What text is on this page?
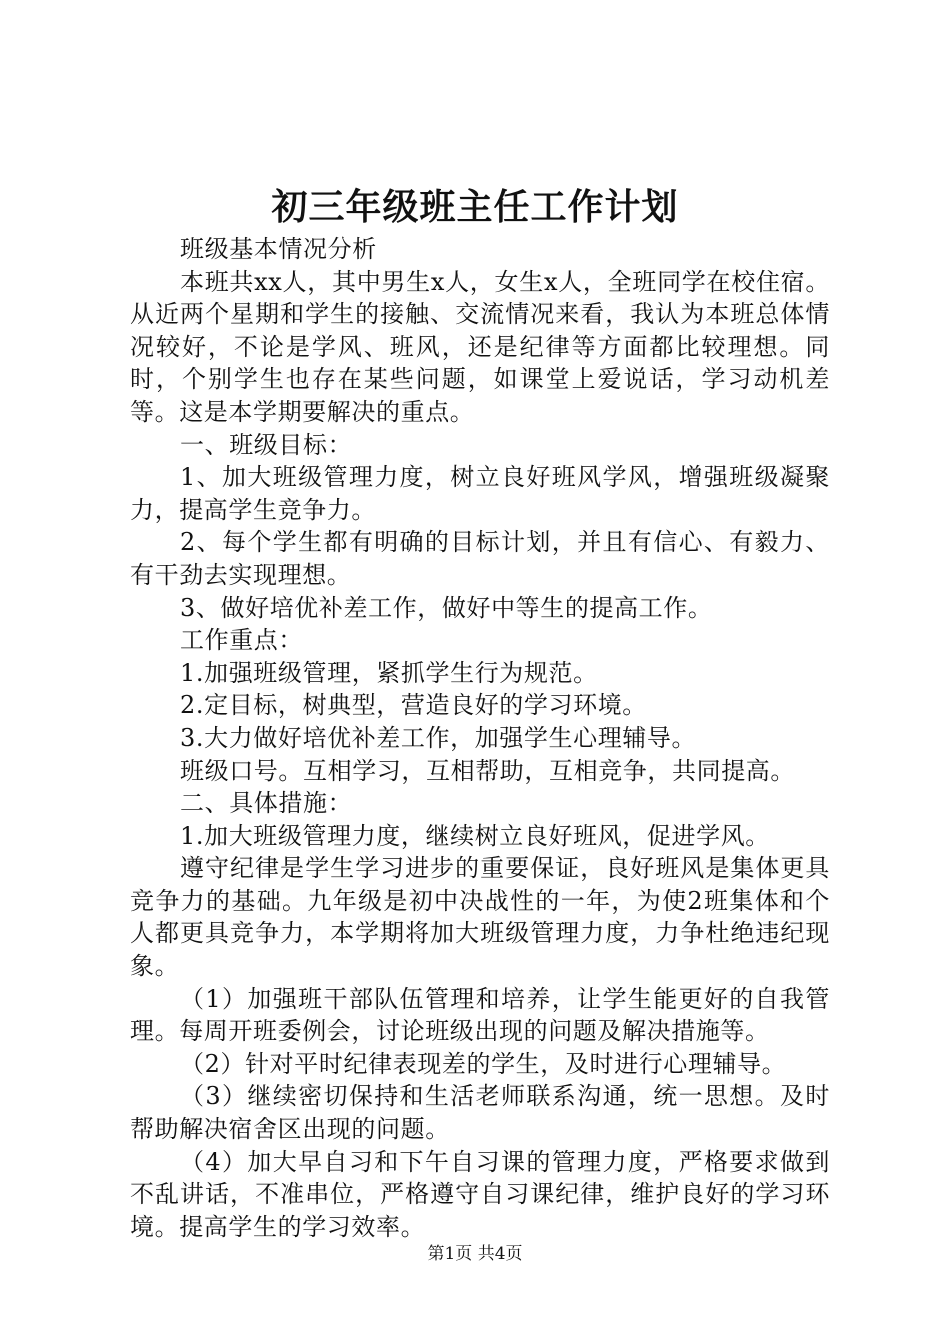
初三年级班主任工作计划

班级基本情况分析

本班共xx人，其中男生x人，女生x人，全班同学在校住宿。从近两个星期和学生的接触、交流情况来看，我认为本班总体情况较好，不论是学风、班风，还是纪律等方面都比较理想。同时，个别学生也存在某些问题，如课堂上爱说话，学习动机差等。这是本学期要解决的重点。

一、班级目标：

1、加大班级管理力度，树立良好班风学风，增强班级凝聚力，提高学生竞争力。

2、每个学生都有明确的目标计划，并且有信心、有毅力、有干劲去实现理想。

3、做好培优补差工作，做好中等生的提高工作。

工作重点：

1.加强班级管理，紧抓学生行为规范。

2.定目标，树典型，营造良好的学习环境。

3.大力做好培优补差工作，加强学生心理辅导。

班级口号。互相学习，互相帮助，互相竞争，共同提高。

二、具体措施：

1.加大班级管理力度，继续树立良好班风，促进学风。

遵守纪律是学生学习进步的重要保证，良好班风是集体更具竞争力的基础。九年级是初中决战性的一年，为使2班集体和个人都更具竞争力，本学期将加大班级管理力度，力争杜绝违纪现象。

（1）加强班干部队伍管理和培养，让学生能更好的自我管理。每周开班委例会，讨论班级出现的问题及解决措施等。

（2）针对平时纪律表现差的学生，及时进行心理辅导。

（3）继续密切保持和生活老师联系沟通，统一思想。及时帮助解决宿舍区出现的问题。

（4）加大早自习和下午自习课的管理力度，严格要求做到不乱讲话，不准串位，严格遵守自习课纪律，维护良好的学习环境。提高学生的学习效率。

第1页 共4页
